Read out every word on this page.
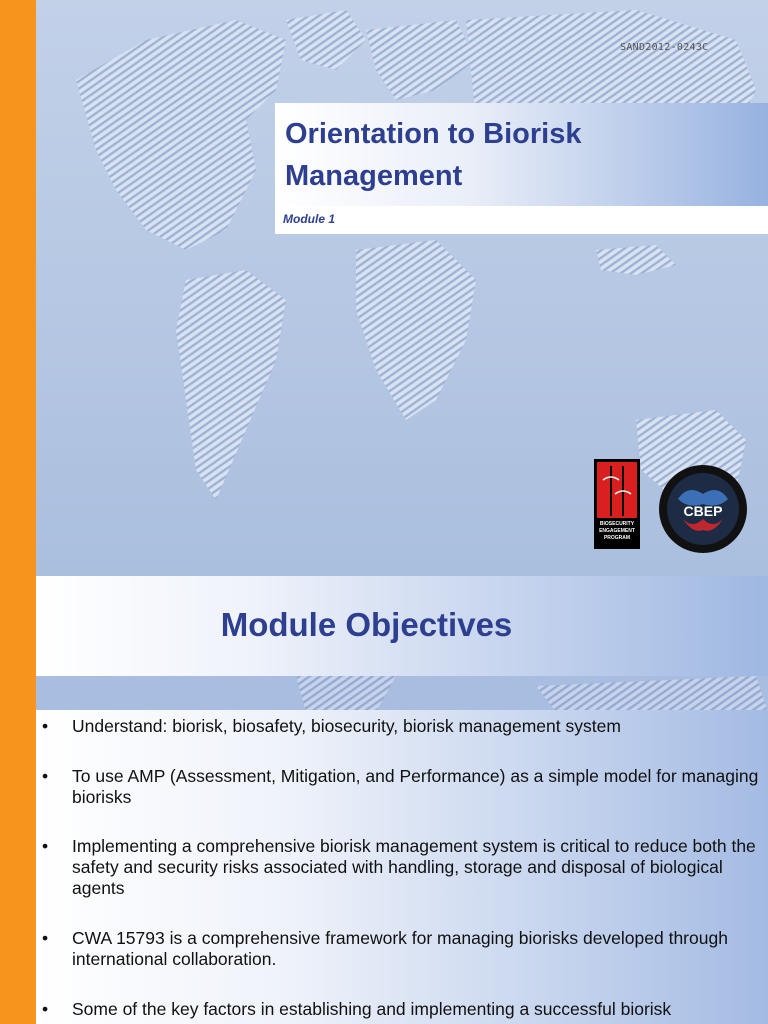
SAND2012-0243C
Orientation to Biorisk Management
Module 1
BIOSECURITY ENGAGEMENT PROGRAM
CBEP
Module Objectives
•	Understand: biorisk, biosafety, biosecurity, biorisk management system
•	To use AMP (Assessment, Mitigation, and Performance) as a simple model for managing biorisks
•	Implementing a comprehensive biorisk management system is critical to reduce both the safety and security risks associated with handling, storage and disposal of biological agents
•	CWA 15793 is a comprehensive framework for managing biorisks developed through international collaboration.
•	Some of the key factors in establishing and implementing a successful biorisk
